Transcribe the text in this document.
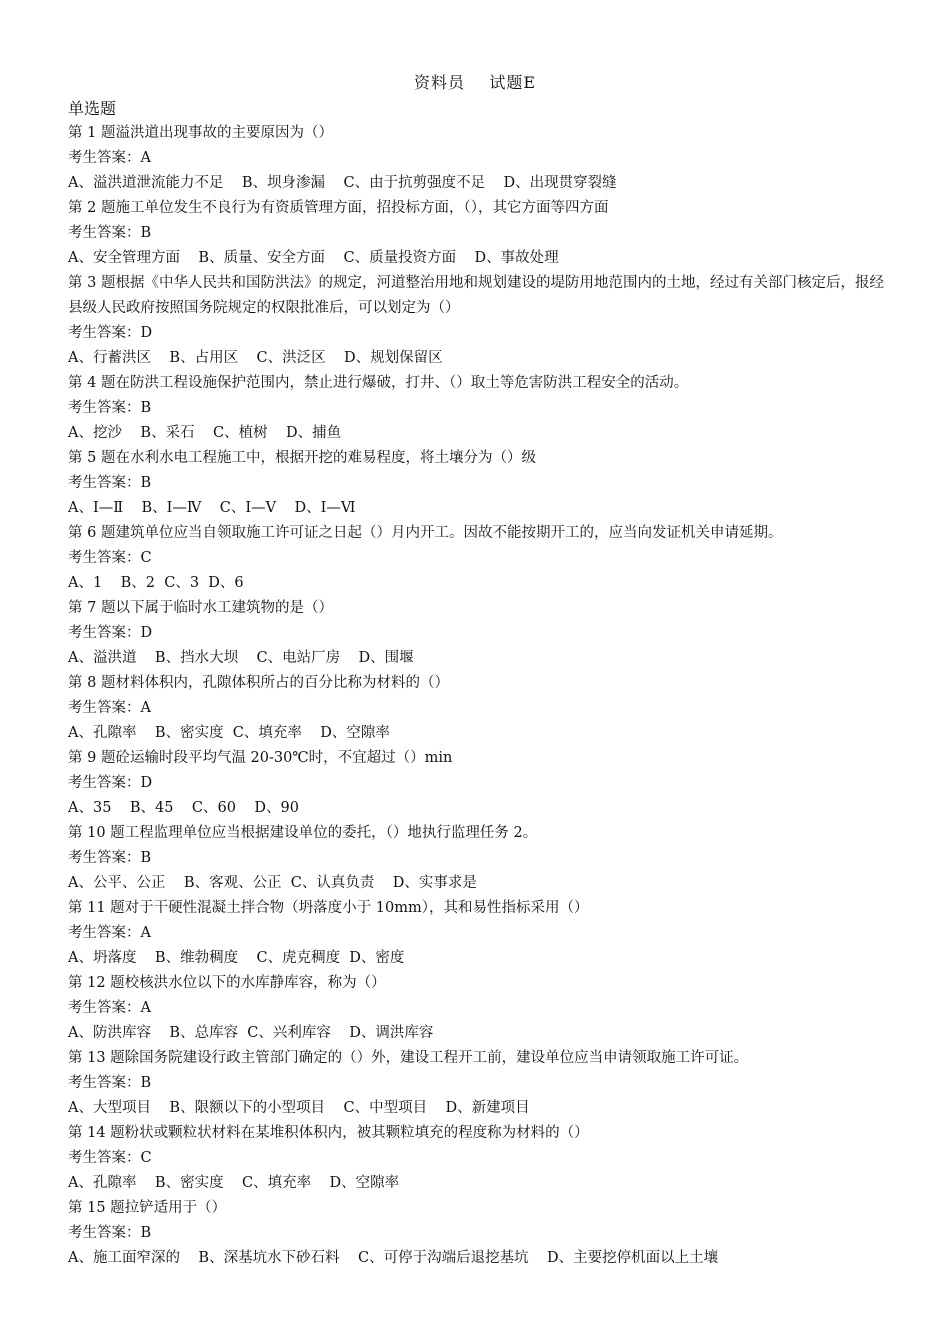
资料员    试题E
单选题
第 1 题溢洪道出现事故的主要原因为（）
考生答案：A
A、溢洪道泄流能力不足    B、坝身渗漏    C、由于抗剪强度不足    D、出现贯穿裂缝
第 2 题施工单位发生不良行为有资质管理方面，招投标方面，（），其它方面等四方面
考生答案：B
A、安全管理方面    B、质量、安全方面    C、质量投资方面    D、事故处理
第 3 题根据《中华人民共和国防洪法》的规定，河道整治用地和规划建设的堤防用地范围内的土地，经过有关部门核定后，报经县级人民政府按照国务院规定的权限批准后，可以划定为（）
考生答案：D
A、行蓄洪区    B、占用区    C、洪泛区    D、规划保留区
第 4 题在防洪工程设施保护范围内，禁止进行爆破，打井、（）取土等危害防洪工程安全的活动。
考生答案：B
A、挖沙    B、采石    C、植树    D、捕鱼
第 5 题在水利水电工程施工中，根据开挖的难易程度，将土壤分为（）级
考生答案：B
A、Ⅰ—Ⅱ    B、Ⅰ—Ⅳ    C、Ⅰ—Ⅴ    D、Ⅰ—Ⅵ
第 6 题建筑单位应当自领取施工许可证之日起（）月内开工。因故不能按期开工的，应当向发证机关申请延期。
考生答案：C
A、1    B、2  C、3  D、6
第 7 题以下属于临时水工建筑物的是（）
考生答案：D
A、溢洪道    B、挡水大坝    C、电站厂房    D、围堰
第 8 题材料体积内，孔隙体积所占的百分比称为材料的（）
考生答案：A
A、孔隙率    B、密实度  C、填充率    D、空隙率
第 9 题砼运输时段平均气温 20-30℃时，不宜超过（）min
考生答案：D
A、35    B、45    C、60    D、90
第 10 题工程监理单位应当根据建设单位的委托，（）地执行监理任务 2。
考生答案：B
A、公平、公正    B、客观、公正  C、认真负责    D、实事求是
第 11 题对于干硬性混凝土拌合物（坍落度小于 10mm），其和易性指标采用（）
考生答案：A
A、坍落度    B、维勃稠度    C、虎克稠度  D、密度
第 12 题校核洪水位以下的水库静库容，称为（）
考生答案：A
A、防洪库容    B、总库容  C、兴利库容    D、调洪库容
第 13 题除国务院建设行政主管部门确定的（）外，建设工程开工前，建设单位应当申请领取施工许可证。
考生答案：B
A、大型项目    B、限额以下的小型项目    C、中型项目    D、新建项目
第 14 题粉状或颗粒状材料在某堆积体积内，被其颗粒填充的程度称为材料的（）
考生答案：C
A、孔隙率    B、密实度    C、填充率    D、空隙率
第 15 题拉铲适用于（）
考生答案：B
A、施工面窄深的    B、深基坑水下砂石料    C、可停于沟端后退挖基坑    D、主要挖停机面以上土壤
